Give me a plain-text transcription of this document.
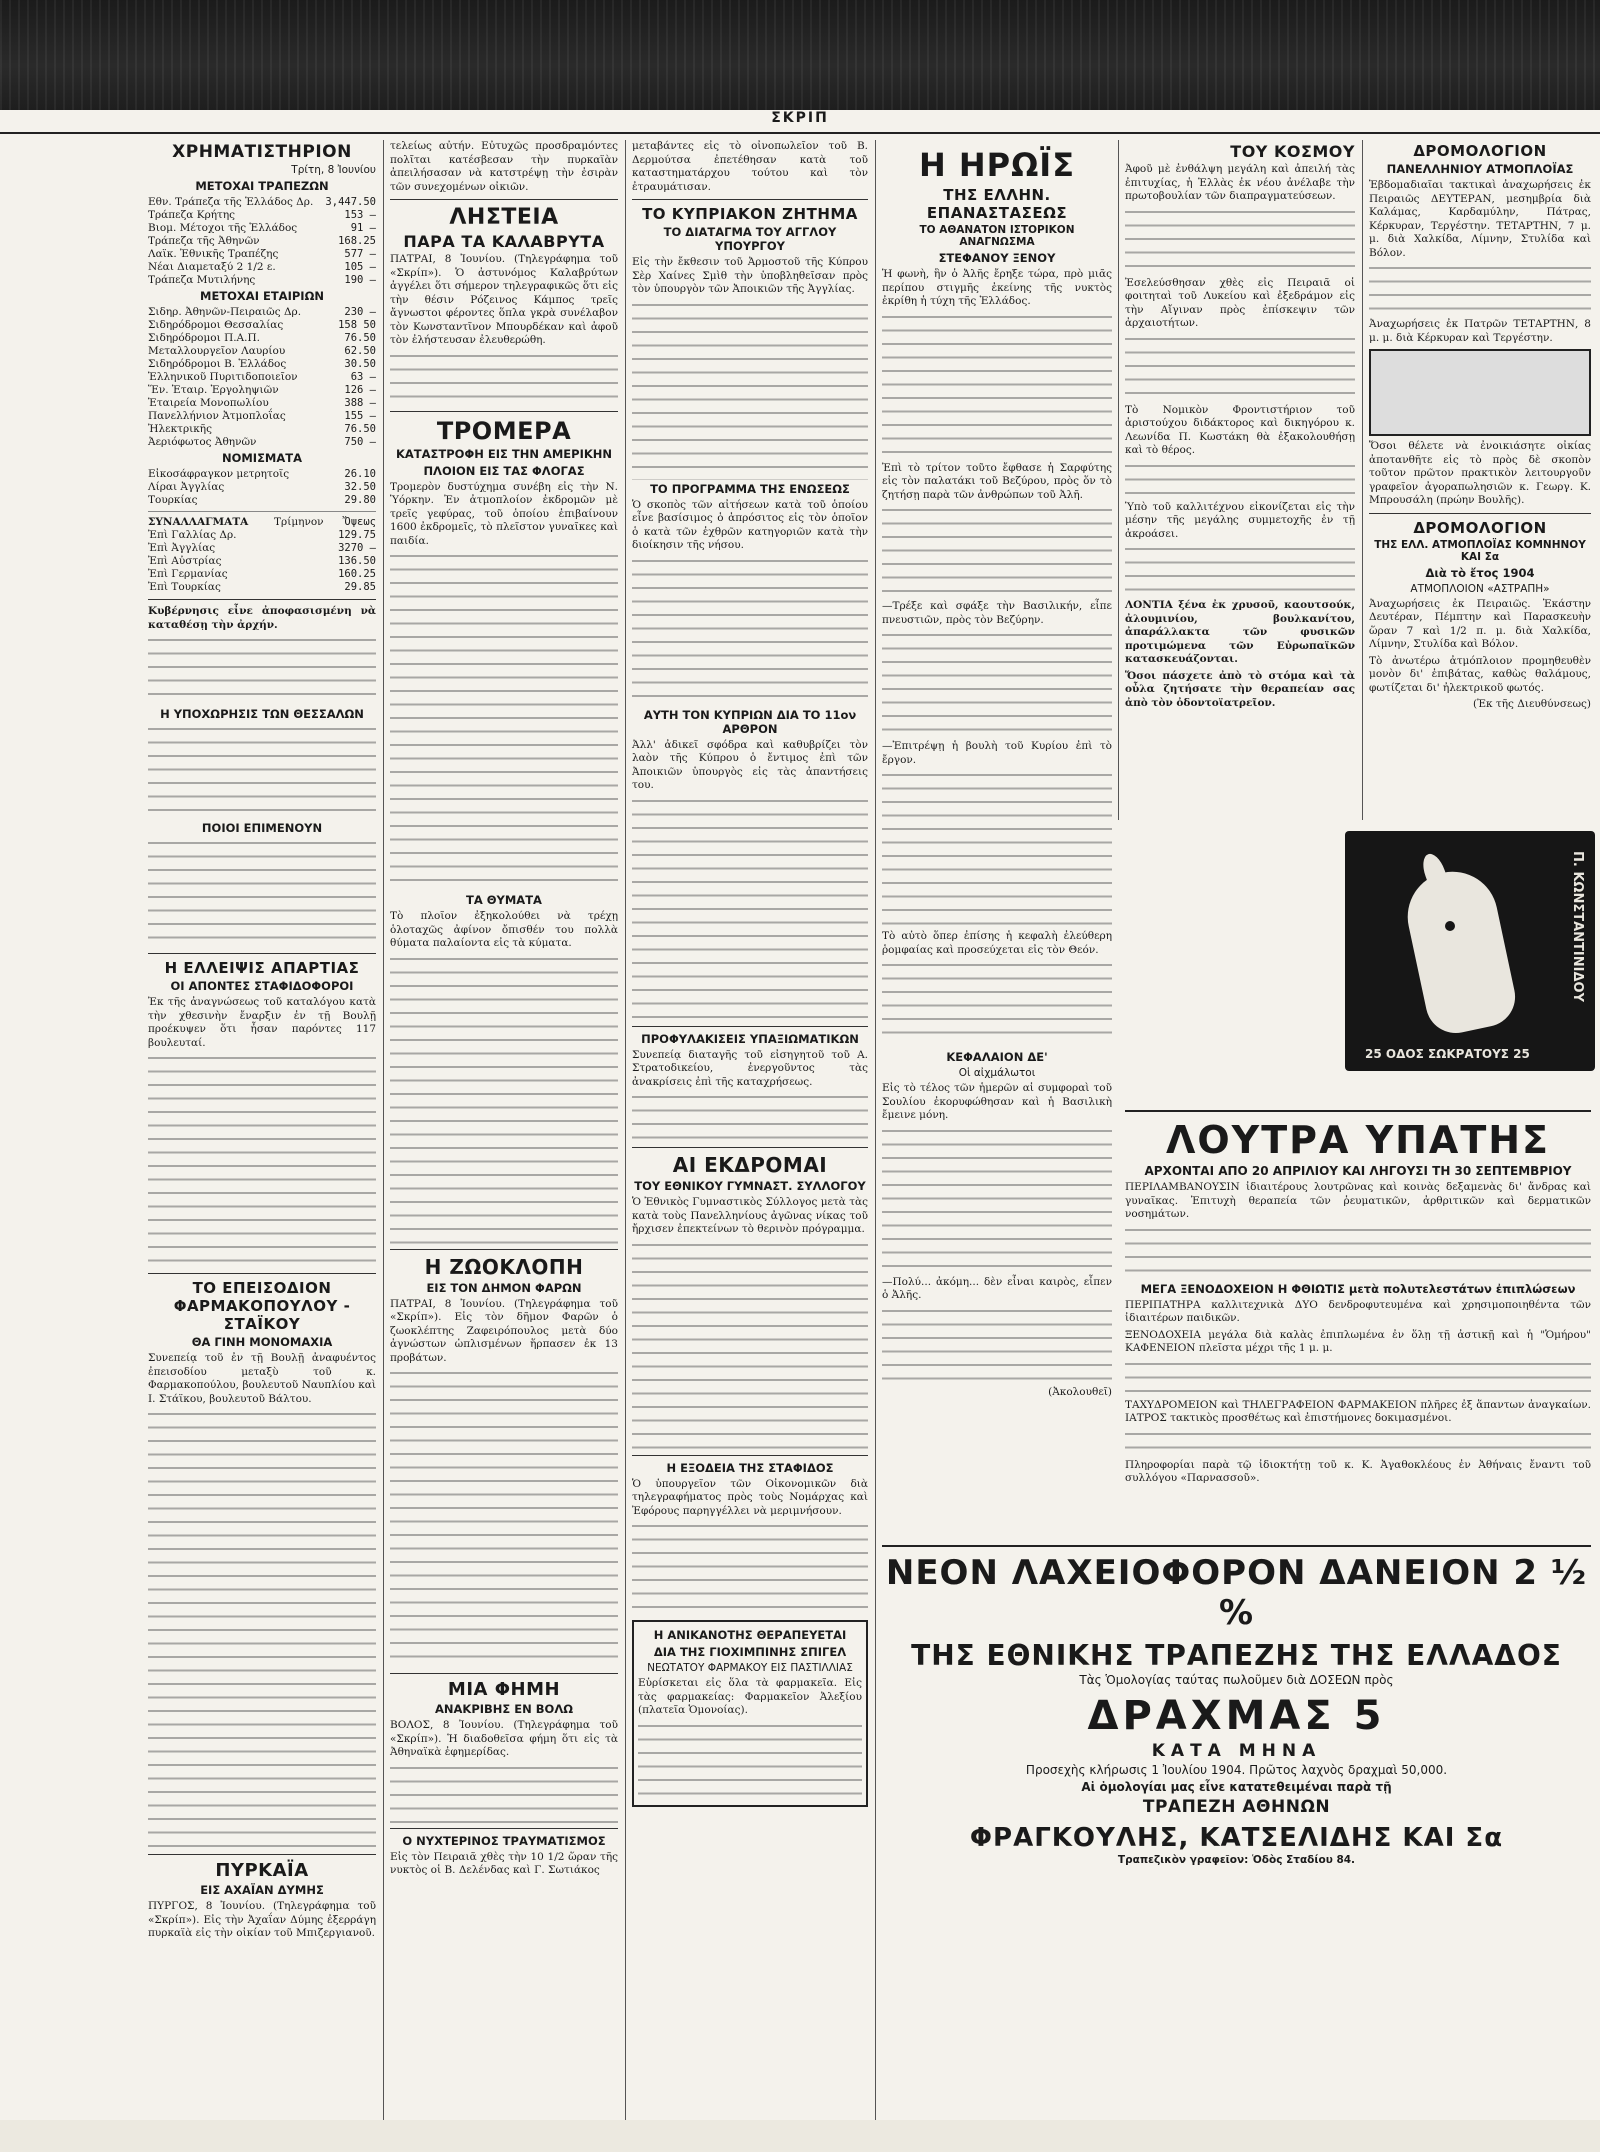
ΣΚΡΙΠ
ΧΡΗΜΑΤΙΣΤΗΡΙΟΝ
Τρίτη, 8 Ἰουνίου
ΜΕΤΟΧΑΙ ΤΡΑΠΕΖΩΝ
Εθν. Τράπεζα τῆς Ἑλλάδος Δρ.	3,447.50
Τράπεζα Κρήτης	153 —
Βιομ. Μέτοχοι τῆς Ἑλλάδος	91 —
Τράπεζα τῆς Ἀθηνῶν	168.25
Λαϊκ. Ἐθνικῆς Τραπέζης	577 —
Νέαι Διαμεταξύ 2 1/2 ε.	105 —
Τράπεζα Μυτιλήνης	190 —
ΜΕΤΟΧΑΙ ΕΤΑΙΡΙΩΝ
Σιδηρ. Ἀθηνῶν-Πειραιῶς Δρ.	230 —
Σιδηρόδρομοι Θεσσαλίας	158 50
Σιδηρόδρομοι Π.Α.Π.	76.50
Μεταλλουργεῖον Λαυρίου	62.50
Σιδηρόδρομοι Β. Ἑλλάδος	30.50
Ἑλληνικοῦ Πυριτιδοποιεῖον	63 —
Ἕν. Ἑταιρ. Ἐργοληψιῶν	126 —
Ἑταιρεία Μονοπωλίου	388 —
Πανελλήνιον Ἀτμοπλοΐας	155 —
Ἠλεκτρικῆς	76.50
Ἀεριόφωτος Ἀθηνῶν	750 —
ΝΟΜΙΣΜΑΤΑ
Εἰκοσάφραγκον μετρητοῖς	26.10
Λίραι Ἀγγλίας	32.50
Τουρκίας	29.80
ΣΥΝΑΛΛΑΓΜΑΤΑ	Τρίμηνον	Ὄψεως
Ἐπὶ Γαλλίας Δρ.	129.75
Ἐπὶ Ἀγγλίας	3270 —
Ἐπὶ Αὐστρίας	136.50
Ἐπὶ Γερμανίας	160.25
Ἐπὶ Τουρκίας	29.85

Κυβέρνησις εἶνε ἀποφασισμένη νὰ καταθέσῃ τὴν ἀρχήν.

Η ΥΠΟΧΩΡΗΣΙΣ ΤΩΝ ΘΕΣΣΑΛΩΝ
ΠΟΙΟΙ ΕΠΙΜΕΝΟΥΝ
Η ΕΛΛΕΙΨΙΣ ΑΠΑΡΤΙΑΣ
ΟΙ ΑΠΟΝΤΕΣ ΣΤΑΦΙΔΟΦΟΡΟΙ

Ἐκ τῆς ἀναγνώσεως τοῦ καταλόγου κατὰ τὴν χθεσινὴν ἔναρξιν ἐν τῇ Βουλῇ προέκυψεν ὅτι ἦσαν παρόντες 117 βουλευταί.

ΤΟ ΕΠΕΙΣΟΔΙΟΝ ΦΑΡΜΑΚΟΠΟΥΛΟΥ - ΣΤΑΪΚΟΥ
ΘΑ ΓΙΝΗ ΜΟΝΟΜΑΧΙΑ

Συνεπείᾳ τοῦ ἐν τῇ Βουλῇ ἀναφυέντος ἐπεισοδίου μεταξὺ τοῦ κ. Φαρμακοπούλου, βουλευτοῦ Ναυπλίου καὶ Ι. Στάϊκου, βουλευτοῦ Βάλτου.

ΠΥΡΚΑΪΑ
ΕΙΣ ΑΧΑΪΑΝ ΔΥΜΗΣ

ΠΥΡΓΟΣ, 8 Ἰουνίου. (Τηλεγράφημα τοῦ «Σκρίπ»). Εἰς τὴν Ἀχαΐαν Δύμης ἐξερράγη πυρκαϊὰ εἰς τὴν οἰκίαν τοῦ Μπιζεργιανοῦ.

τελείως αὐτήν. Εὐτυχῶς προσδραμόντες πολῖται κατέσβεσαν τὴν πυρκαϊὰν ἀπειλήσασαν νὰ κατστρέψῃ τὴν ἐσιρὰν τῶν συνεχομένων οἰκιῶν.

ΛΗΣΤΕΙΑ
ΠΑΡΑ ΤΑ ΚΑΛΑΒΡΥΤΑ

ΠΑΤΡΑΙ, 8 Ἰουνίου. (Τηλεγράφημα τοῦ «Σκρίπ»). Ὁ ἀστυνόμος Καλαβρύτων ἀγγέλει ὅτι σήμερον τηλεγραφικῶς ὅτι εἰς τὴν θέσιν Ρόζεινος Κάμπος τρεῖς ἄγνωστοι φέροντες ὅπλα γκρὰ συνέλαβον τὸν Κωνσταντῖνον Μπουρδέκαν καὶ ἀφοῦ τὸν ἐλήστευσαν ἐλευθερώθη.

ΤΡΟΜΕΡΑ
ΚΑΤΑΣΤΡΟΦΗ ΕΙΣ ΤΗΝ ΑΜΕΡΙΚΗΝ
ΠΛΟΙΟΝ ΕΙΣ ΤΑΣ ΦΛΟΓΑΣ

Τρομερὸν δυστύχημα συνέβη εἰς τὴν Ν. Ὑόρκην. Ἐν ἀτμοπλοίον ἐκδρομῶν μὲ τρεῖς γεφύρας, τοῦ ὁποίου ἐπιβαίνουν 1600 ἐκδρομεῖς, τὸ πλεῖστον γυναῖκες καὶ παιδία.

ΤΑ ΘΥΜΑΤΑ

Τὸ πλοῖον ἐξηκολούθει νὰ τρέχῃ ὁλοταχῶς ἀφίνον ὄπισθέν του πολλὰ θύματα παλαίοντα εἰς τὰ κύματα.

Η ΖΩΟΚΛΟΠΗ
ΕΙΣ ΤΟΝ ΔΗΜΟΝ ΦΑΡΩΝ

ΠΑΤΡΑΙ, 8 Ἰουνίου. (Τηλεγράφημα τοῦ «Σκρίπ»). Εἰς τὸν δῆμον Φαρῶν ὁ ζωοκλέπτης Ζαφειρόπουλος μετὰ δύο ἀγνώστων ὡπλισμένων ἥρπασεν ἐκ 13 προβάτων.

ΜΙΑ ΦΗΜΗ
ΑΝΑΚΡΙΒΗΣ ΕΝ ΒΟΛΩ

ΒΟΛΟΣ, 8 Ἰουνίου. (Τηλεγράφημα τοῦ «Σκρίπ»). Ἡ διαδοθεῖσα φήμη ὅτι εἰς τὰ Ἀθηναϊκὰ ἐφημερίδας.

Ο ΝΥΧΤΕΡΙΝΟΣ ΤΡΑΥΜΑΤΙΣΜΟΣ

Εἰς τὸν Πειραιᾶ χθὲς τὴν 10 1/2 ὥραν τῆς νυκτὸς οἱ Β. Δελένδας καὶ Γ. Σωτιάκος

μεταβάντες εἰς τὸ οἰνοπωλεῖον τοῦ Β. Δερμούτσα ἐπετέθησαν κατὰ τοῦ καταστηματάρχου τούτου καὶ τὸν ἐτραυμάτισαν.

ΤΟ ΚΥΠΡΙΑΚΟΝ ΖΗΤΗΜΑ
ΤΟ ΔΙΑΤΑΓΜΑ ΤΟΥ ΑΓΓΛΟΥ ΥΠΟΥΡΓΟΥ

Εἰς τὴν ἔκθεσιν τοῦ Ἀρμοστοῦ τῆς Κύπρου Σὲρ Χαίνες Σμὶθ τὴν ὑποβληθεῖσαν πρὸς τὸν ὑπουργὸν τῶν Ἀποικιῶν τῆς Ἀγγλίας.

ΤΟ ΠΡΟΓΡΑΜΜΑ ΤΗΣ ΕΝΩΣΕΩΣ

Ὁ σκοπὸς τῶν αἰτήσεων κατὰ τοῦ ὁποίου εἶνε βασίσιμος ὁ ἀπρόσιτος εἰς τὸν ὁποῖον ὁ κατὰ τῶν ἐχθρῶν κατηγοριῶν κατὰ τὴν διοίκησιν τῆς νήσου.

ΑΥΤΗ ΤΟΝ ΚΥΠΡΙΩΝ ΔΙΑ ΤΟ 11ον ΑΡΘΡΟΝ

Ἀλλ' ἀδικεῖ σφόδρα καὶ καθυβρίζει τὸν λαὸν τῆς Κύπρου ὁ ἔντιμος ἐπὶ τῶν Ἀποικιῶν ὑπουργὸς εἰς τὰς ἀπαντήσεις του.

ΠΡΟΦΥΛΑΚΙΣΕΙΣ ΥΠΑΞΙΩΜΑΤΙΚΩΝ

Συνεπείᾳ διαταγῆς τοῦ εἰσηγητοῦ τοῦ Α. Στρατοδικείου, ἐνεργοῦντος τὰς ἀνακρίσεις ἐπὶ τῆς καταχρήσεως.

ΑΙ ΕΚΔΡΟΜΑΙ
ΤΟΥ ΕΘΝΙΚΟΥ ΓΥΜΝΑΣΤ. ΣΥΛΛΟΓΟΥ

Ὁ Ἐθνικὸς Γυμναστικὸς Σύλλογος μετὰ τὰς κατὰ τοὺς Πανελληνίους ἀγῶνας νίκας τοῦ ἤρχισεν ἐπεκτείνων τὸ θερινὸν πρόγραμμα.

Η ΕΞΟΔΕΙΑ ΤΗΣ ΣΤΑΦΙΔΟΣ

Ὁ ὑπουργεῖον τῶν Οἰκονομικῶν διὰ τηλεγραφήματος πρὸς τοὺς Νομάρχας καὶ Ἐφόρους παρηγγέλλει νὰ μεριμνήσουν.

Η ΑΝΙΚΑΝΟΤΗΣ ΘΕΡΑΠΕΥΕΤΑΙ
ΔΙΑ ΤΗΣ ΓΙΟΧΙΜΠΙΝΗΣ ΣΠΙΓΕΛ
ΝΕΩΤΑΤΟΥ ΦΑΡΜΑΚΟΥ ΕΙΣ ΠΑΣΤΙΛΛΙΑΣ

Εὑρίσκεται εἰς ὅλα τὰ φαρμακεῖα. Εἰς τὰς φαρμακείας: Φαρμακεῖον Ἀλεξίου (πλατεῖα Ὁμονοίας).

Η ΗΡΩΪΣ
ΤΗΣ ΕΛΛΗΝ. ΕΠΑΝΑΣΤΑΣΕΩΣ
ΤΟ ΑΘΑΝΑΤΟΝ ΙΣΤΟΡΙΚΟΝ ΑΝΑΓΝΩΣΜΑ
ΣΤΕΦΑΝΟΥ ΞΕΝΟΥ

Ἡ φωνὴ, ἣν ὁ Ἀλῆς ἔρηξε τώρα, πρὸ μιᾶς περίπου στιγμῆς ἐκείνης τῆς νυκτὸς ἐκρίθη ἡ τύχη τῆς Ἑλλάδος.

Ἐπὶ τὸ τρίτον τοῦτο ἔφθασε ἡ Σαρφύτης εἰς τὸν παλατάκι τοῦ Βεζύρου, πρὸς ὅν τὸ ζητήσῃ παρὰ τῶν ἀνθρώπων τοῦ Ἀλῆ.

—Τρέξε καὶ σφάξε τὴν Βασιλικήν, εἶπε πνευστιῶν, πρὸς τὸν Βεζύρην.

—Ἐπιτρέψῃ ἡ βουλὴ τοῦ Κυρίου ἐπὶ τὸ ἔργον.

Τὸ αὐτὸ ὅπερ ἐπίσης ἡ κεφαλὴ ἐλεύθερη ῥομφαίας καὶ προσεύχεται εἰς τὸν Θεόν.

ΚΕΦΑΛΑΙΟΝ ΔΕ'
Οἱ αἰχμάλωτοι

Εἰς τὸ τέλος τῶν ἡμερῶν αἱ συμφοραὶ τοῦ Σουλίου ἐκορυφώθησαν καὶ ἡ Βασιλικὴ ἔμεινε μόνη.

—Πολύ... ἀκόμη... δὲν εἶναι καιρὸς, εἶπεν ὁ Ἀλῆς.

(Ἀκολουθεῖ)

ΤΟΥ ΚΟΣΜΟΥ

Ἀφοῦ μὲ ἐνθάλψη μεγάλη καὶ ἀπειλή τὰς ἐπιτυχίας, ἡ Ἑλλὰς ἐκ νέου ἀνέλαβε τὴν πρωτοβουλίαν τῶν διαπραγματεύσεων.

Ἐσελεύσθησαν χθὲς εἰς Πειραιᾶ οἱ φοιτηταὶ τοῦ Λυκείου καὶ ἐξεδράμον εἰς τὴν Αἴγιναν πρὸς ἐπίσκεψιν τῶν ἀρχαιοτήτων.

Τὸ Νομικὸν Φροντιστήριον τοῦ ἀριστούχου διδάκτορος καὶ δικηγόρου κ. Λεωνίδα Π. Κωστάκη θὰ ἐξακολουθήσῃ καὶ τὸ θέρος.

Ὑπὸ τοῦ καλλιτέχνου εἰκονίζεται εἰς τὴν μέσην τῆς μεγάλης συμμετοχῆς ἐν τῇ ἀκροάσει.

ΛΟΝΤΙΑ ξένα ἐκ χρυσοῦ, καουτσούκ, ἀλουμινίου, βουλκανίτου, ἀπαράλλακτα τῶν φυσικῶν προτιμώμενα τῶν Εὐρωπαϊκῶν κατασκευάζονται.

Ὅσοι πάσχετε ἀπὸ τὸ στόμα καὶ τὰ οὖλα ζητήσατε τὴν θεραπείαν σας ἀπὸ τὸν ὀδοντοϊατρεῖον.

ΔΡΟΜΟΛΟΓΙΟΝ
ΠΑΝΕΛΛΗΝΙΟΥ ΑΤΜΟΠΛΟΪΑΣ

Ἑβδομαδιαῖαι τακτικαὶ ἀναχωρήσεις ἐκ Πειραιῶς ΔΕΥΤΕΡΑΝ, μεσημβρία διὰ Καλάμας, Καρδαμύλην, Πάτρας, Κέρκυραν, Τεργέστην. ΤΕΤΑΡΤΗΝ, 7 μ. μ. διὰ Χαλκίδα, Λίμνην, Στυλίδα καὶ Βόλον.

Ἀναχωρήσεις ἐκ Πατρῶν ΤΕΤΑΡΤΗΝ, 8 μ. μ. διὰ Κέρκυραν καὶ Τεργέστην.

Ὅσοι θέλετε νὰ ἐνοικιάσητε οἰκίας ἀποτανθῆτε εἰς τὸ πρὸς δὲ σκοπὸν τοῦτον πρῶτον πρακτικὸν λειτουργοῦν γραφεῖον ἀγοραπωλησιῶν κ. Γεωργ. Κ. Μπρουσάλη (πρώην Βουλῆς).

ΔΡΟΜΟΛΟΓΙΟΝ
ΤΗΣ ΕΛΛ. ΑΤΜΟΠΛΟΪΑΣ ΚΟΜΝΗΝΟΥ ΚΑΙ Σα
Διὰ τὸ ἔτος 1904
ΑΤΜΟΠΛΟΙΟΝ «ΑΣΤΡΑΠΗ»

Ἀναχωρήσεις ἐκ Πειραιῶς. Ἑκάστην Δευτέραν, Πέμπτην καὶ Παρασκευὴν ὥραν 7 καὶ 1/2 π. μ. διὰ Χαλκίδα, Λίμνην, Στυλίδα καὶ Βόλον.

Τὸ ἀνωτέρω ἀτμόπλοιον προμηθευθὲν μονὸν δι' ἐπιβάτας, καθὼς θαλάμους, φωτίζεται δι' ἠλεκτρικοῦ φωτός.

(Ἐκ τῆς Διευθύνσεως)

Π. ΚΩΝΣΤΑΝΤΙΝΙΔΟΥ
25 ΟΔΟΣ ΣΩΚΡΑΤΟΥΣ 25
ΛΟΥΤΡΑ ΥΠΑΤΗΣ
ΑΡΧΟΝΤΑΙ ΑΠΟ 20 ΑΠΡΙΛΙΟΥ ΚΑΙ ΛΗΓΟΥΣΙ ΤΗ 30 ΣΕΠΤΕΜΒΡΙΟΥ

ΠΕΡΙΛΑΜΒΑΝΟΥΣΙΝ ἰδιαιτέρους λουτρῶνας καὶ κοινὰς δεξαμενὰς δι' ἄνδρας καὶ γυναῖκας. Ἐπιτυχὴ θεραπεία τῶν ῥευματικῶν, ἀρθριτικῶν καὶ δερματικῶν νοσημάτων.

ΜΕΓΑ ΞΕΝΟΔΟΧΕΙΟΝ Η ΦΘΙΩΤΙΣ μετὰ πολυτελεστάτων ἐπιπλώσεων

ΠΕΡΙΠΑΤΗΡΑ καλλιτεχνικὰ ΔΥΟ δενδροφυτευμένα καὶ χρησιμοποιηθέντα τῶν ἰδιαιτέρων παιδικῶν.

ΞΕΝΟΔΟΧΕΙΑ μεγάλα διὰ καλὰς ἐπιπλωμένα ἐν ὅλῃ τῇ ἀστικῇ καὶ ἡ "Ὁμήρου" ΚΑΦΕΝΕΙΟΝ πλεῖστα μέχρι τῆς 1 μ. μ.

ΤΑΧΥΔΡΟΜΕΙΟΝ καὶ ΤΗΛΕΓΡΑΦΕΙΟΝ ΦΑΡΜΑΚΕΙΟΝ πλῆρες ἐξ ἅπαντων ἀναγκαίων. ΙΑΤΡΟΣ τακτικὸς προσθέτως καὶ ἐπιστήμονες δοκιμασμένοι.

Πληροφορίαι παρὰ τῷ ἰδιοκτήτῃ τοῦ κ. Κ. Ἀγαθοκλέους ἐν Ἀθήναις ἔναντι τοῦ συλλόγου «Παρνασσοῦ».

ΝΕΟΝ ΛΑΧΕΙΟΦΟΡΟΝ ΔΑΝΕΙΟΝ 2 ½ %
ΤΗΣ ΕΘΝΙΚΗΣ ΤΡΑΠΕΖΗΣ ΤΗΣ ΕΛΛΑΔΟΣ
Τὰς Ὁμολογίας ταύτας πωλοῦμεν διὰ ΔΟΣΕΩΝ πρὸς
ΔΡΑΧΜΑΣ 5
ΚΑΤΑ ΜΗΝΑ
Προσεχὴς κλήρωσις 1 Ἰουλίου 1904. Πρῶτος λαχνὸς δραχμαὶ 50,000.
Αἱ ὁμολογίαι μας εἶνε κατατεθειμέναι παρὰ τῇ
ΤΡΑΠΕΖΗ ΑΘΗΝΩΝ
ΦΡΑΓΚΟΥΛΗΣ, ΚΑΤΣΕΛΙΔΗΣ ΚΑΙ Σα
Τραπεζικὸν γραφεῖον: Ὁδὸς Σταδίου 84.
